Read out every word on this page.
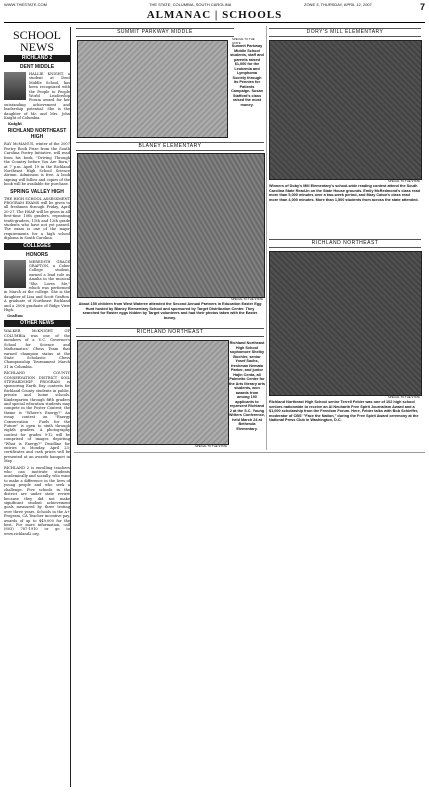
WWW.THESTATE.COM	THE STATE, COLUMBIA, SOUTH CAROLINA	ZONE 3, THURSDAY, APRIL 12, 2007	7
ALMANAC | SCHOOLS
SCHOOL NEWS
RICHLAND 2
DENT MIDDLE

HALLIE KNIGHT, a student at Dent Middle School, has been recognized with the People to People World Leadership Forum award for her outstanding achievement and leadership potential. She is the daughter of Mr. and Mrs. John Knight of Columbia.

Knight
RICHLAND NORTHEAST HIGH

RAY McMANUS, winter of the 2007 Poetry Book Prize from the South Carolina Poetry Initiative, will read from his book, "Driving Through the Country before You Are Born," at 7 p.m. April 19 in the Richland Northeast High School Science Atrium. Admission is free. A book signing will follow and copies of the book will be available for purchase.

SPRING VALLEY HIGH

THE HIGH SCHOOL ASSESSMENT PROGRAM EXAMS will be given to all freshmen through Friday, April 20-27. The HSAP will be given in all first-time 10th graders, repeating tenth-graders, 11th and 12th grade students who have not yet passed. The exam is one of the major requirements for a high school diploma in South Carolina.

COLLEGES
HONORS

MEREDITH GRACE GRAFTON, a Coker College student, earned a lead role as Amalia in the musical "She Loves Me," which was performed in March at the college. She is the daughter of Lisa and Scott Grafton. A graduate of Northeast Richland and a 2006 graduate of Ridge View High.

Grafton
OTHER NEWS

WALKER McKNIGHT OF COLUMBIA was one of the members of a U.C. Governor's School for Science and Mathematics' Chess Team that earned champion status at the State Scholastic Chess Championship Tournament March 31 in Columbia.

RICHLAND COUNTY CONSERVATION DISTRICT SOIL STEWARDSHIP PROGRAM is sponsoring Earth Day contests for Richland County students in public, private and home schools. Kindergarten through fifth graders and special education students may compete in the Poster Contest; the theme is "Where's Energy?" An essay contest on "Energy Conservation - Fuels for the Future" is open to sixth through eighth graders. A photography contest for grades 9-12 will be comprised of images depicting "What is Energy?" Deadline for entries is Monday. April 23; certificates and cash prizes will be presented at an awards banquet in May.

RICHLAND 2 is enrolling teachers who can motivate students academically and socially, who want to make a difference in the lives of young people and who seek a challenge. Five schools in the district are under state review because they did not make significant student achievement goals measured by three testing over three years. Schools in the A+ Program, CA Teacher incentive pay, awards of up to $49,000 for the best. For more information, call (803) 787-1910 or go to www.richland2.org.

SUMMIT PARKWAY MIDDLE
SPECIAL TO THE STATE
Summit Parkway Middle School students, staff and parents raised $1,000 for the Leukemia and Lymphoma Society through its Pennies for Patients Campaign. Susan Stafford's class raised the most money.
DORY'S MILL ELEMENTARY
SPECIAL TO THE STATE
Winners of Doby's Mill Elementary's school-wide reading contest attend the South Carolina State Read-In on the State House grounds. Emily McRedmond's class read more than 5,000 minutes over a two-week period, and Mary Caton's class read more than 4,000 minutes. More than 1,500 students from across the state attended.
BLANEY ELEMENTARY
SPECIAL TO THE STATE
About 150 children from West Wateree attended the Second Annual Partners in Education Easter Egg Hunt hosted by Blaney Elementary School and sponsored by Target Distribution Center. They searched for Easter eggs hidden by Target volunteers and had their photos taken with the Easter bunny.
RICHLAND NORTHEAST
SPECIAL TO THE STATE
Richland Northeast High School senior Terrell Felder was one of 102 high school seniors nationwide to receive an Al Neuharth Free Spirit Journalism Award and a $1,000 scholarship from the Freedom Forum. Here, Felder talks with Bob Schieffer, moderator of CBS' "Face the Nation," during the Free Spirit Award ceremony at the National Press Club in Washington, D.C.
RICHLAND NORTHEAST
SPECIAL TO THE STATE
Richland Northeast High School sophomore Shelby Buchler, senior Yosef Sachs, freshman Nemata Parker, and junior Hajin Cerda, all Palmetto Center for the Arts literary arts students, won awards from among 100 applicants to represent Richland 2 at the S.C. Young Writers Conference, held March 24 at Bethesda Elementary.
